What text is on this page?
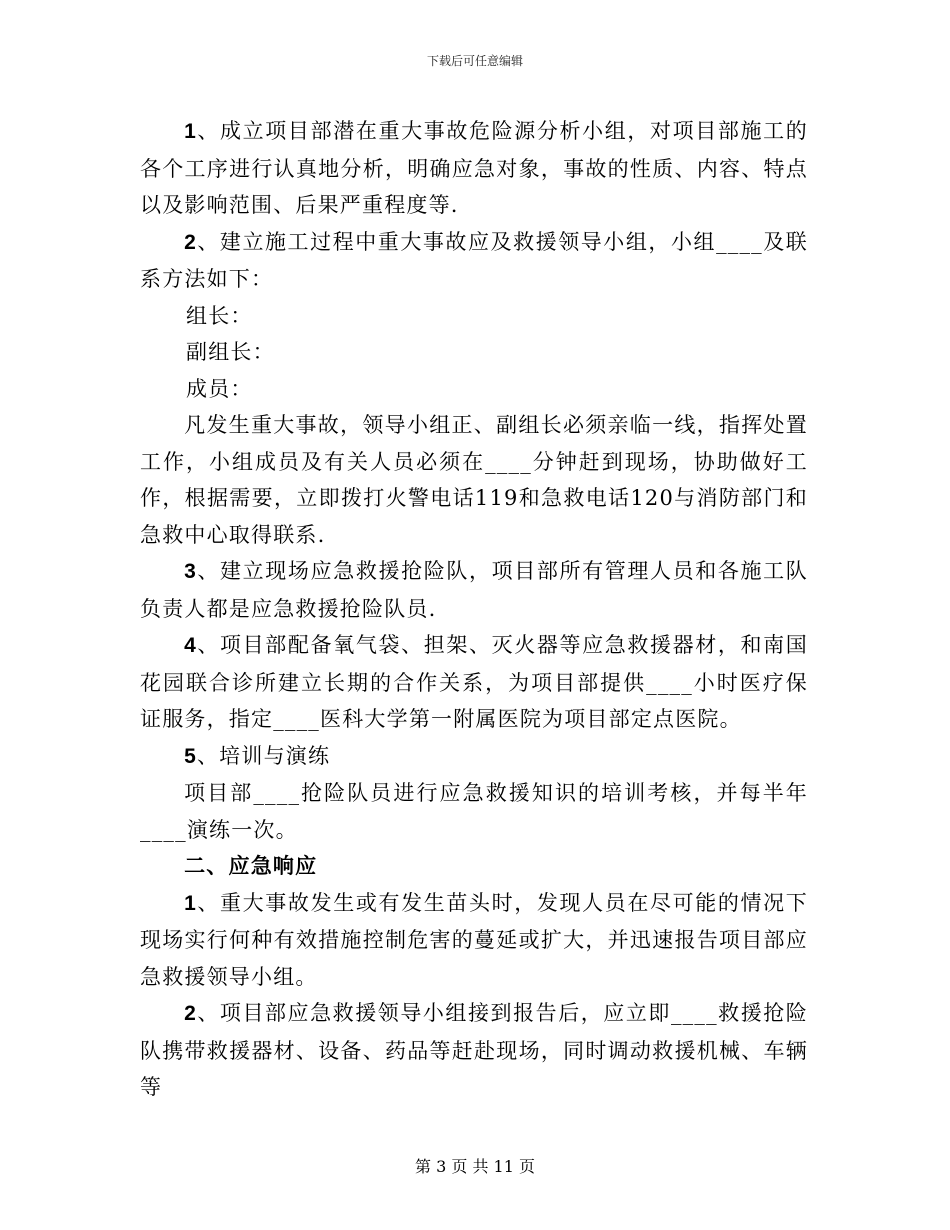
下载后可任意编辑

1、成立项目部潜在重大事故危险源分析小组，对项目部施工的各个工序进行认真地分析，明确应急对象，事故的性质、内容、特点以及影响范围、后果严重程度等.

2、建立施工过程中重大事故应及救援领导小组，小组____及联系方法如下：

组长：

副组长：

成员：

凡发生重大事故，领导小组正、副组长必须亲临一线，指挥处置工作，小组成员及有关人员必须在____分钟赶到现场，协助做好工作，根据需要，立即拨打火警电话119和急救电话120与消防部门和急救中心取得联系.

3、建立现场应急救援抢险队，项目部所有管理人员和各施工队负责人都是应急救援抢险队员.

4、项目部配备氧气袋、担架、灭火器等应急救援器材，和南国花园联合诊所建立长期的合作关系，为项目部提供____小时医疗保证服务，指定____医科大学第一附属医院为项目部定点医院。

5、培训与演练

项目部____抢险队员进行应急救援知识的培训考核，并每半年____演练一次。

二、应急响应

1、重大事故发生或有发生苗头时，发现人员在尽可能的情况下现场实行何种有效措施控制危害的蔓延或扩大，并迅速报告项目部应急救援领导小组。

2、项目部应急救援领导小组接到报告后，应立即____救援抢险队携带救援器材、设备、药品等赶赴现场，同时调动救援机械、车辆等

第 3 页 共 11 页
